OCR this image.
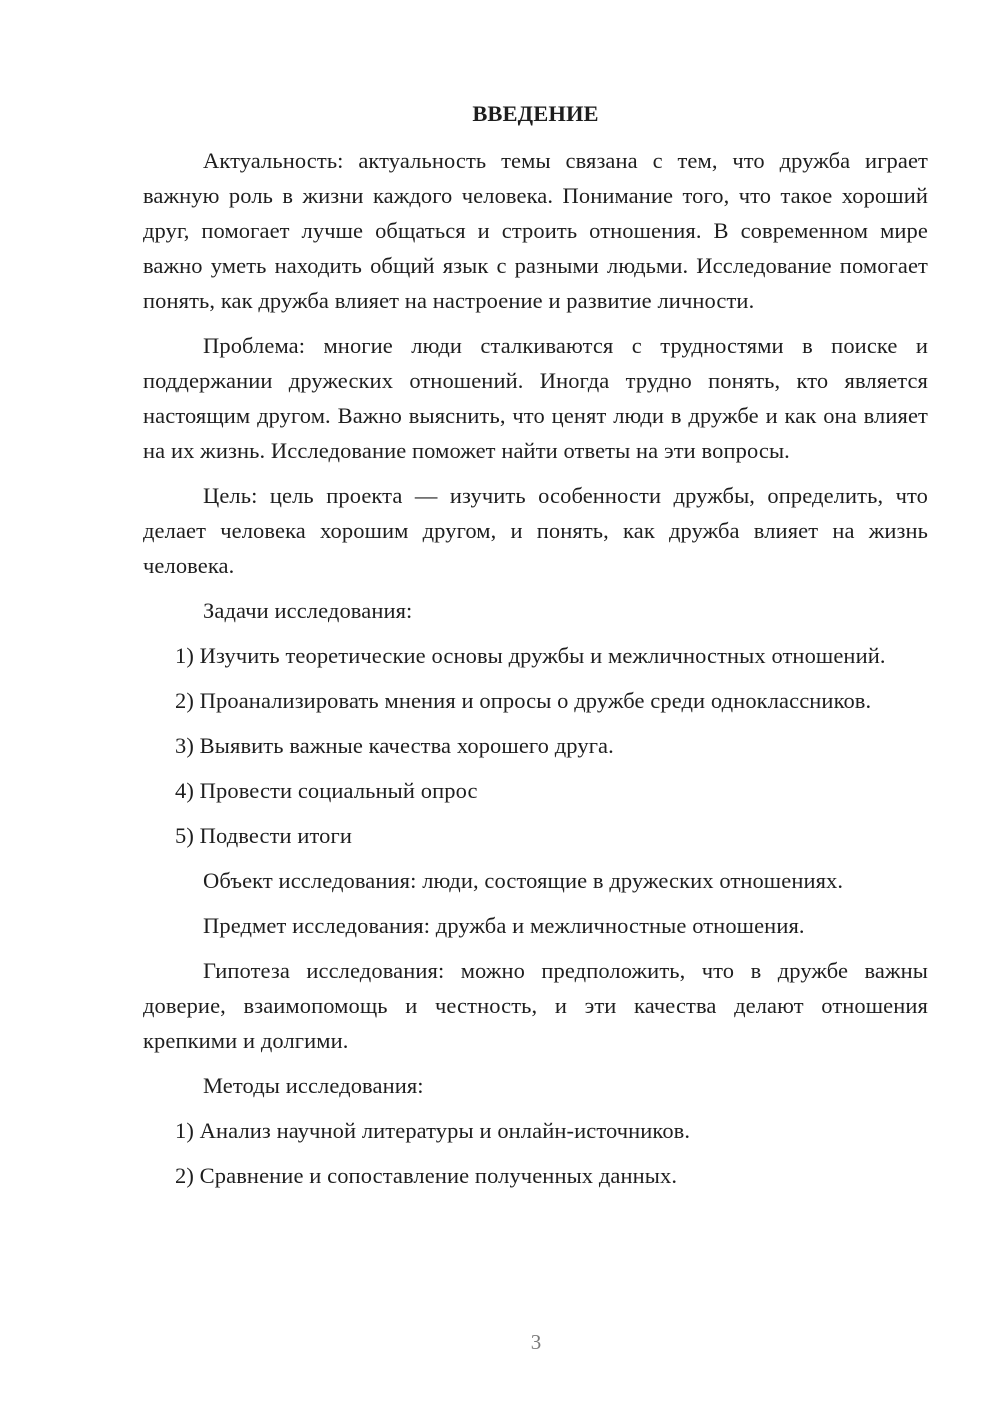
ВВЕДЕНИЕ

Актуальность: актуальность темы связана с тем, что дружба играет важную роль в жизни каждого человека. Понимание того, что такое хороший друг, помогает лучше общаться и строить отношения. В современном мире важно уметь находить общий язык с разными людьми. Исследование помогает понять, как дружба влияет на настроение и развитие личности.

Проблема: многие люди сталкиваются с трудностями в поиске и поддержании дружеских отношений. Иногда трудно понять, кто является настоящим другом. Важно выяснить, что ценят люди в дружбе и как она влияет на их жизнь. Исследование поможет найти ответы на эти вопросы.

Цель: цель проекта — изучить особенности дружбы, определить, что делает человека хорошим другом, и понять, как дружба влияет на жизнь человека.

Задачи исследования:

1) Изучить теоретические основы дружбы и межличностных отношений.

2) Проанализировать мнения и опросы о дружбе среди одноклассников.

3) Выявить важные качества хорошего друга.

4) Провести социальный опрос

5) Подвести итоги

Объект исследования: люди, состоящие в дружеских отношениях.

Предмет исследования: дружба и межличностные отношения.

Гипотеза исследования: можно предположить, что в дружбе важны доверие, взаимопомощь и честность, и эти качества делают отношения крепкими и долгими.

Методы исследования:

1) Анализ научной литературы и онлайн-источников.

2) Сравнение и сопоставление полученных данных.

3
